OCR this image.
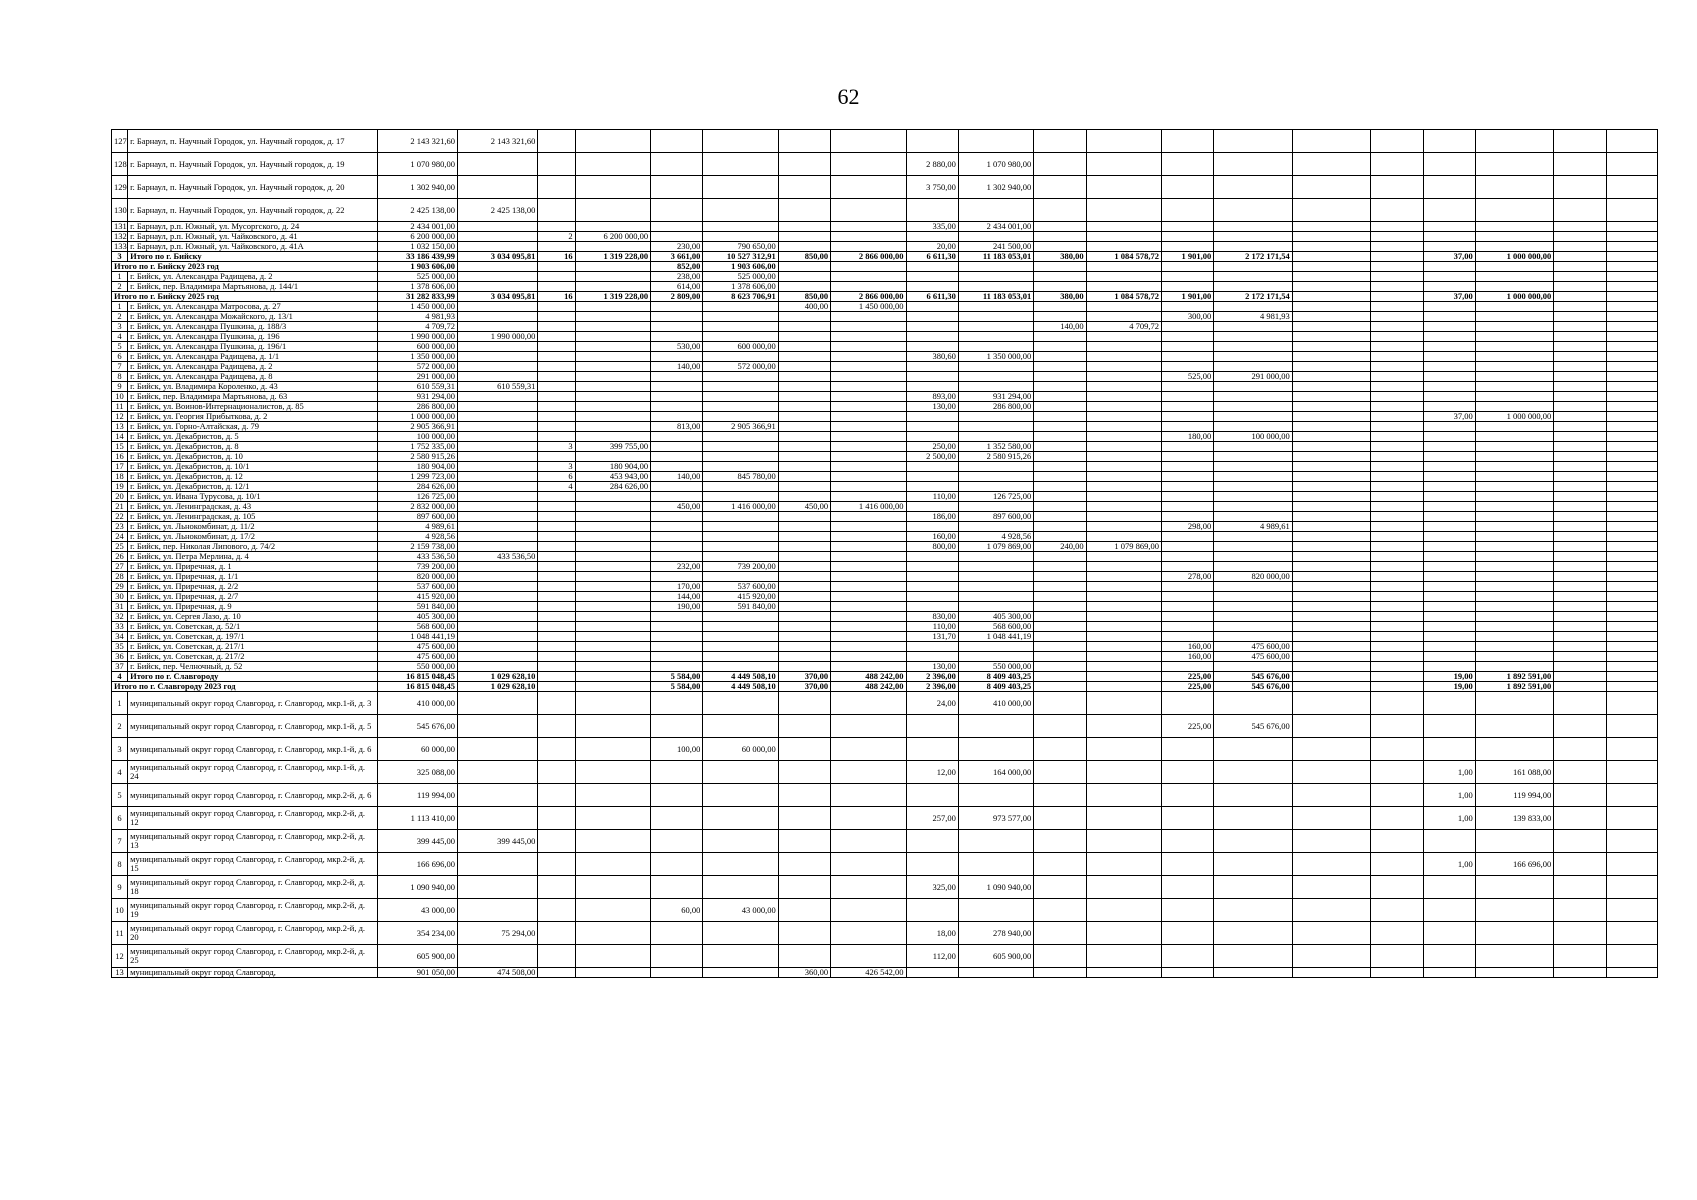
62
127	г. Барнаул, п. Научный Городок, ул. Научный городок, д. 17	2 143 321,60	2 143 321,60																		
128	г. Барнаул, п. Научный Городок, ул. Научный городок, д. 19	1 070 980,00								2 880,00	1 070 980,00										
129	г. Барнаул, п. Научный Городок, ул. Научный городок, д. 20	1 302 940,00								3 750,00	1 302 940,00										
130	г. Барнаул, п. Научный Городок, ул. Научный городок, д. 22	2 425 138,00	2 425 138,00																		
131	г. Барнаул, р.п. Южный, ул. Мусоргского, д. 24	2 434 001,00								335,00	2 434 001,00										
132	г. Барнаул, р.п. Южный, ул. Чайковского, д. 41	6 200 000,00		2	6 200 000,00																
133	г. Барнаул, р.п. Южный, ул. Чайковского, д. 41А	1 032 150,00				230,00	790 650,00			20,00	241 500,00										
3	Итого по г. Бийску	33 186 439,99	3 034 095,81	16	1 319 228,00	3 661,00	10 527 312,91	850,00	2 866 000,00	6 611,30	11 183 053,01	380,00	1 084 578,72	1 901,00	2 172 171,54			37,00	1 000 000,00		
Итого по г. Бийску 2023 год		1 903 606,00				852,00	1 903 606,00														
1	г. Бийск, ул. Александра Радищева, д. 2	525 000,00				238,00	525 000,00														
2	г. Бийск, пер. Владимира Мартьянова, д. 144/1	1 378 606,00				614,00	1 378 606,00														
Итого по г. Бийску 2025 год		31 282 833,99	3 034 095,81	16	1 319 228,00	2 809,00	8 623 706,91	850,00	2 866 000,00	6 611,30	11 183 053,01	380,00	1 084 578,72	1 901,00	2 172 171,54			37,00	1 000 000,00		
1	г. Бийск, ул. Александра Матросова, д. 27	1 450 000,00						400,00	1 450 000,00												
2	г. Бийск, ул. Александра Можайского, д. 13/1	4 981,93												300,00	4 981,93						
3	г. Бийск, ул. Александра Пушкина, д. 188/3	4 709,72										140,00	4 709,72								
4	г. Бийск, ул. Александра Пушкина, д. 196	1 990 000,00	1 990 000,00																		
5	г. Бийск, ул. Александра Пушкина, д. 196/1	600 000,00				530,00	600 000,00														
6	г. Бийск, ул. Александра Радищева, д. 1/1	1 350 000,00								380,60	1 350 000,00										
7	г. Бийск, ул. Александра Радищева, д. 2	572 000,00				140,00	572 000,00														
8	г. Бийск, ул. Александра Радищева, д. 8	291 000,00												525,00	291 000,00						
9	г. Бийск, ул. Владимира Короленко, д. 43	610 559,31	610 559,31																		
10	г. Бийск, пер. Владимира Мартьянова, д. 63	931 294,00								893,00	931 294,00										
11	г. Бийск, ул. Воинов-Интернационалистов, д. 85	286 800,00								130,00	286 800,00										
12	г. Бийск, ул. Георгия Прибыткова, д. 2	1 000 000,00																37,00	1 000 000,00		
13	г. Бийск, ул. Горно-Алтайская, д. 79	2 905 366,91				813,00	2 905 366,91														
14	г. Бийск, ул. Декабристов, д. 5	100 000,00												180,00	100 000,00						
15	г. Бийск, ул. Декабристов, д. 8	1 752 335,00		3	399 755,00					250,00	1 352 580,00										
16	г. Бийск, ул. Декабристов, д. 10	2 580 915,26								2 500,00	2 580 915,26										
17	г. Бийск, ул. Декабристов, д. 10/1	180 904,00		3	180 904,00																
18	г. Бийск, ул. Декабристов, д. 12	1 299 723,00		6	453 943,00	140,00	845 780,00														
19	г. Бийск, ул. Декабристов, д. 12/1	284 626,00		4	284 626,00																
20	г. Бийск, ул. Ивана Турусова, д. 10/1	126 725,00								110,00	126 725,00										
21	г. Бийск, ул. Ленинградская, д. 43	2 832 000,00				450,00	1 416 000,00	450,00	1 416 000,00												
22	г. Бийск, ул. Ленинградская, д. 105	897 600,00								186,00	897 600,00										
23	г. Бийск, ул. Льнокомбинат, д. 11/2	4 989,61												298,00	4 989,61						
24	г. Бийск, ул. Льнокомбинат, д. 17/2	4 928,56								160,00	4 928,56										
25	г. Бийск, пер. Николая Липового, д. 74/2	2 159 738,00								800,00	1 079 869,00	240,00	1 079 869,00								
26	г. Бийск, ул. Петра Мерлина, д. 4	433 536,50	433 536,50																		
27	г. Бийск, ул. Приречная, д. 1	739 200,00				232,00	739 200,00														
28	г. Бийск, ул. Приречная, д. 1/1	820 000,00												278,00	820 000,00						
29	г. Бийск, ул. Приречная, д. 2/2	537 600,00				170,00	537 600,00														
30	г. Бийск, ул. Приречная, д. 2/7	415 920,00				144,00	415 920,00														
31	г. Бийск, ул. Приречная, д. 9	591 840,00				190,00	591 840,00														
32	г. Бийск, ул. Сергея Лазо, д. 10	405 300,00								830,00	405 300,00										
33	г. Бийск, ул. Советская, д. 52/1	568 600,00								110,00	568 600,00										
34	г. Бийск, ул. Советская, д. 197/1	1 048 441,19								131,70	1 048 441,19										
35	г. Бийск, ул. Советская, д. 217/1	475 600,00												160,00	475 600,00						
36	г. Бийск, ул. Советская, д. 217/2	475 600,00												160,00	475 600,00						
37	г. Бийск, пер. Челночный, д. 52	550 000,00								130,00	550 000,00										
4	Итого по г. Славгороду	16 815 048,45	1 029 628,10			5 584,00	4 449 508,10	370,00	488 242,00	2 396,00	8 409 403,25			225,00	545 676,00			19,00	1 892 591,00		
Итого по г. Славгороду 2023 год		16 815 048,45	1 029 628,10			5 584,00	4 449 508,10	370,00	488 242,00	2 396,00	8 409 403,25			225,00	545 676,00			19,00	1 892 591,00		
1	муниципальный округ город Славгород, г. Славгород, мкр.1-й, д. 3	410 000,00								24,00	410 000,00										
2	муниципальный округ город Славгород, г. Славгород, мкр.1-й, д. 5	545 676,00												225,00	545 676,00						
3	муниципальный округ город Славгород, г. Славгород, мкр.1-й, д. 6	60 000,00				100,00	60 000,00														
4	муниципальный округ город Славгород, г. Славгород, мкр.1-й, д. 24	325 088,00								12,00	164 000,00							1,00	161 088,00		
5	муниципальный округ город Славгород, г. Славгород, мкр.2-й, д. 6	119 994,00																1,00	119 994,00		
6	муниципальный округ город Славгород, г. Славгород, мкр.2-й, д. 12	1 113 410,00								257,00	973 577,00							1,00	139 833,00		
7	муниципальный округ город Славгород, г. Славгород, мкр.2-й, д. 13	399 445,00	399 445,00																		
8	муниципальный округ город Славгород, г. Славгород, мкр.2-й, д. 15	166 696,00																1,00	166 696,00		
9	муниципальный округ город Славгород, г. Славгород, мкр.2-й, д. 18	1 090 940,00								325,00	1 090 940,00										
10	муниципальный округ город Славгород, г. Славгород, мкр.2-й, д. 19	43 000,00				60,00	43 000,00														
11	муниципальный округ город Славгород, г. Славгород, мкр.2-й, д. 20	354 234,00	75 294,00							18,00	278 940,00										
12	муниципальный округ город Славгород, г. Славгород, мкр.2-й, д. 25	605 900,00								112,00	605 900,00										
13	муниципальный округ город Славгород,	901 050,00	474 508,00					360,00	426 542,00												
